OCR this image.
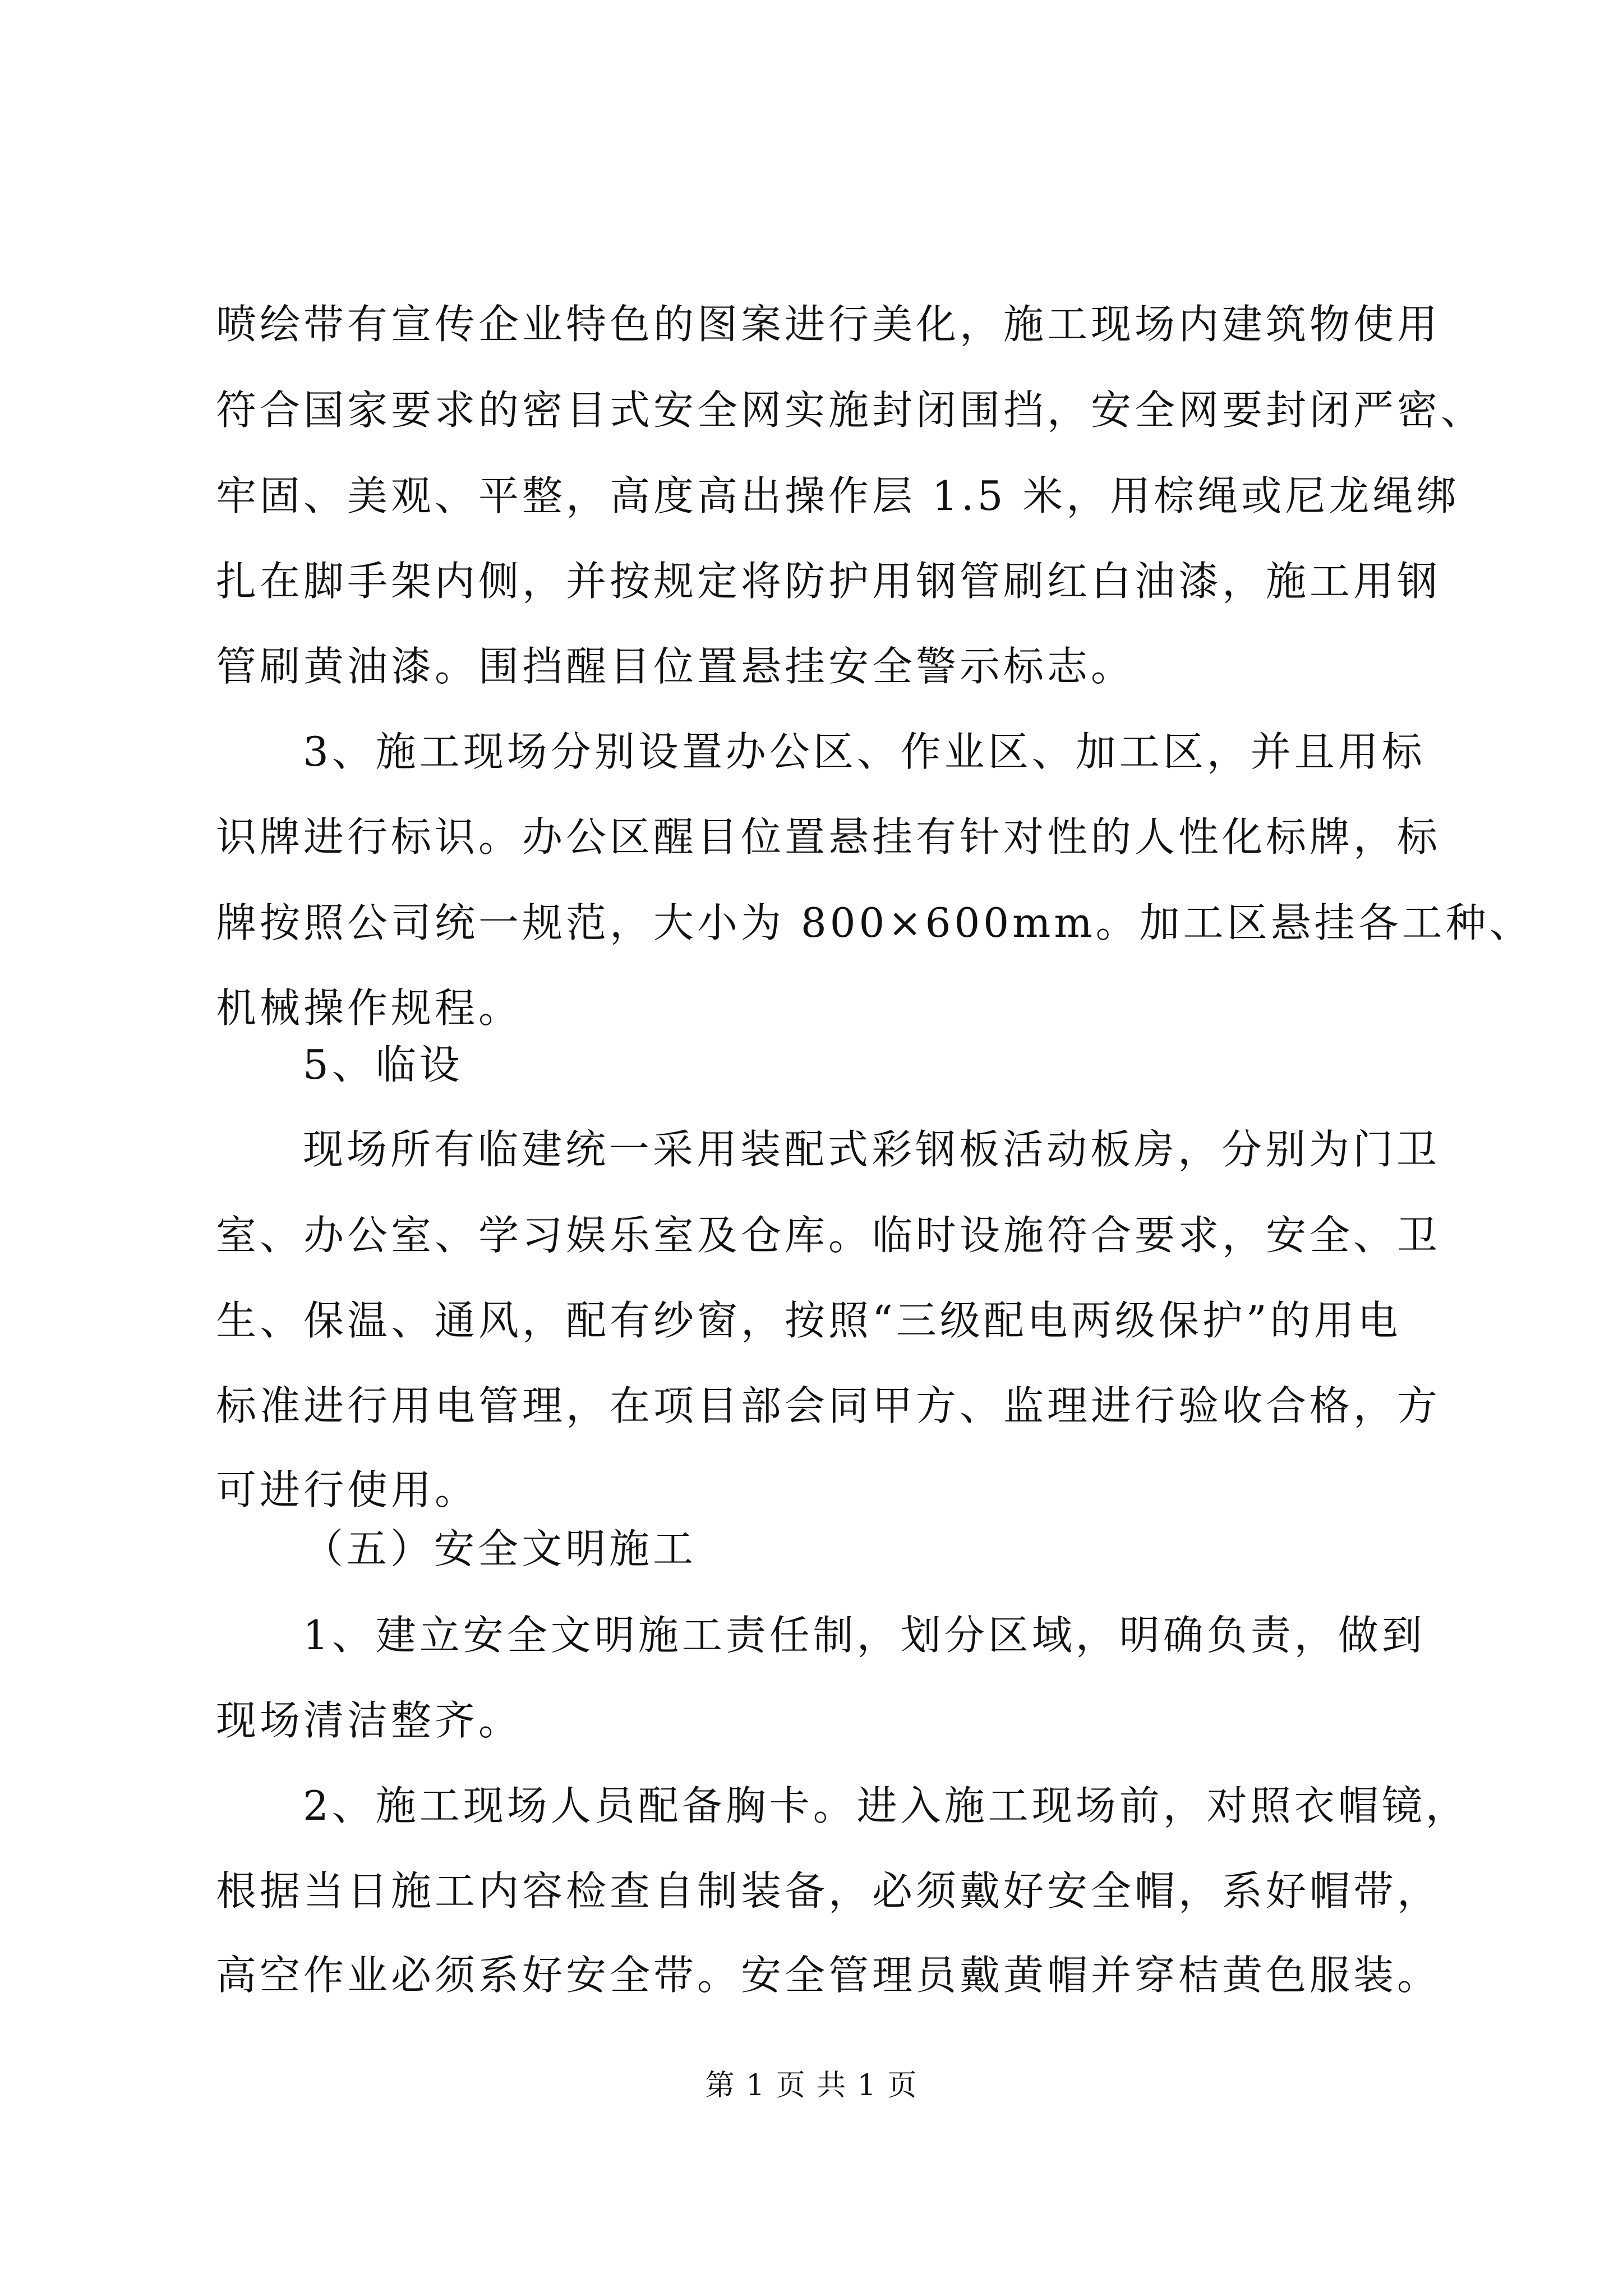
喷绘带有宣传企业特色的图案进行美化，施工现场内建筑物使用

符合国家要求的密目式安全网实施封闭围挡，安全网要封闭严密、

牢固、美观、平整，高度高出操作层 1.5 米，用棕绳或尼龙绳绑

扎在脚手架内侧，并按规定将防护用钢管刷红白油漆，施工用钢

管刷黄油漆。围挡醒目位置悬挂安全警示标志。

3、施工现场分别设置办公区、作业区、加工区，并且用标

识牌进行标识。办公区醒目位置悬挂有针对性的人性化标牌，标

牌按照公司统一规范，大小为 800×600mm。加工区悬挂各工种、

机械操作规程。

5、临设

现场所有临建统一采用装配式彩钢板活动板房，分别为门卫

室、办公室、学习娱乐室及仓库。临时设施符合要求，安全、卫

生、保温、通风，配有纱窗，按照“三级配电两级保护”的用电

标准进行用电管理，在项目部会同甲方、监理进行验收合格，方

可进行使用。

（五）安全文明施工

1、建立安全文明施工责任制，划分区域，明确负责，做到

现场清洁整齐。

2、施工现场人员配备胸卡。进入施工现场前，对照衣帽镜，

根据当日施工内容检查自制装备，必须戴好安全帽，系好帽带，

高空作业必须系好安全带。安全管理员戴黄帽并穿桔黄色服装。

第 1 页 共 1 页
